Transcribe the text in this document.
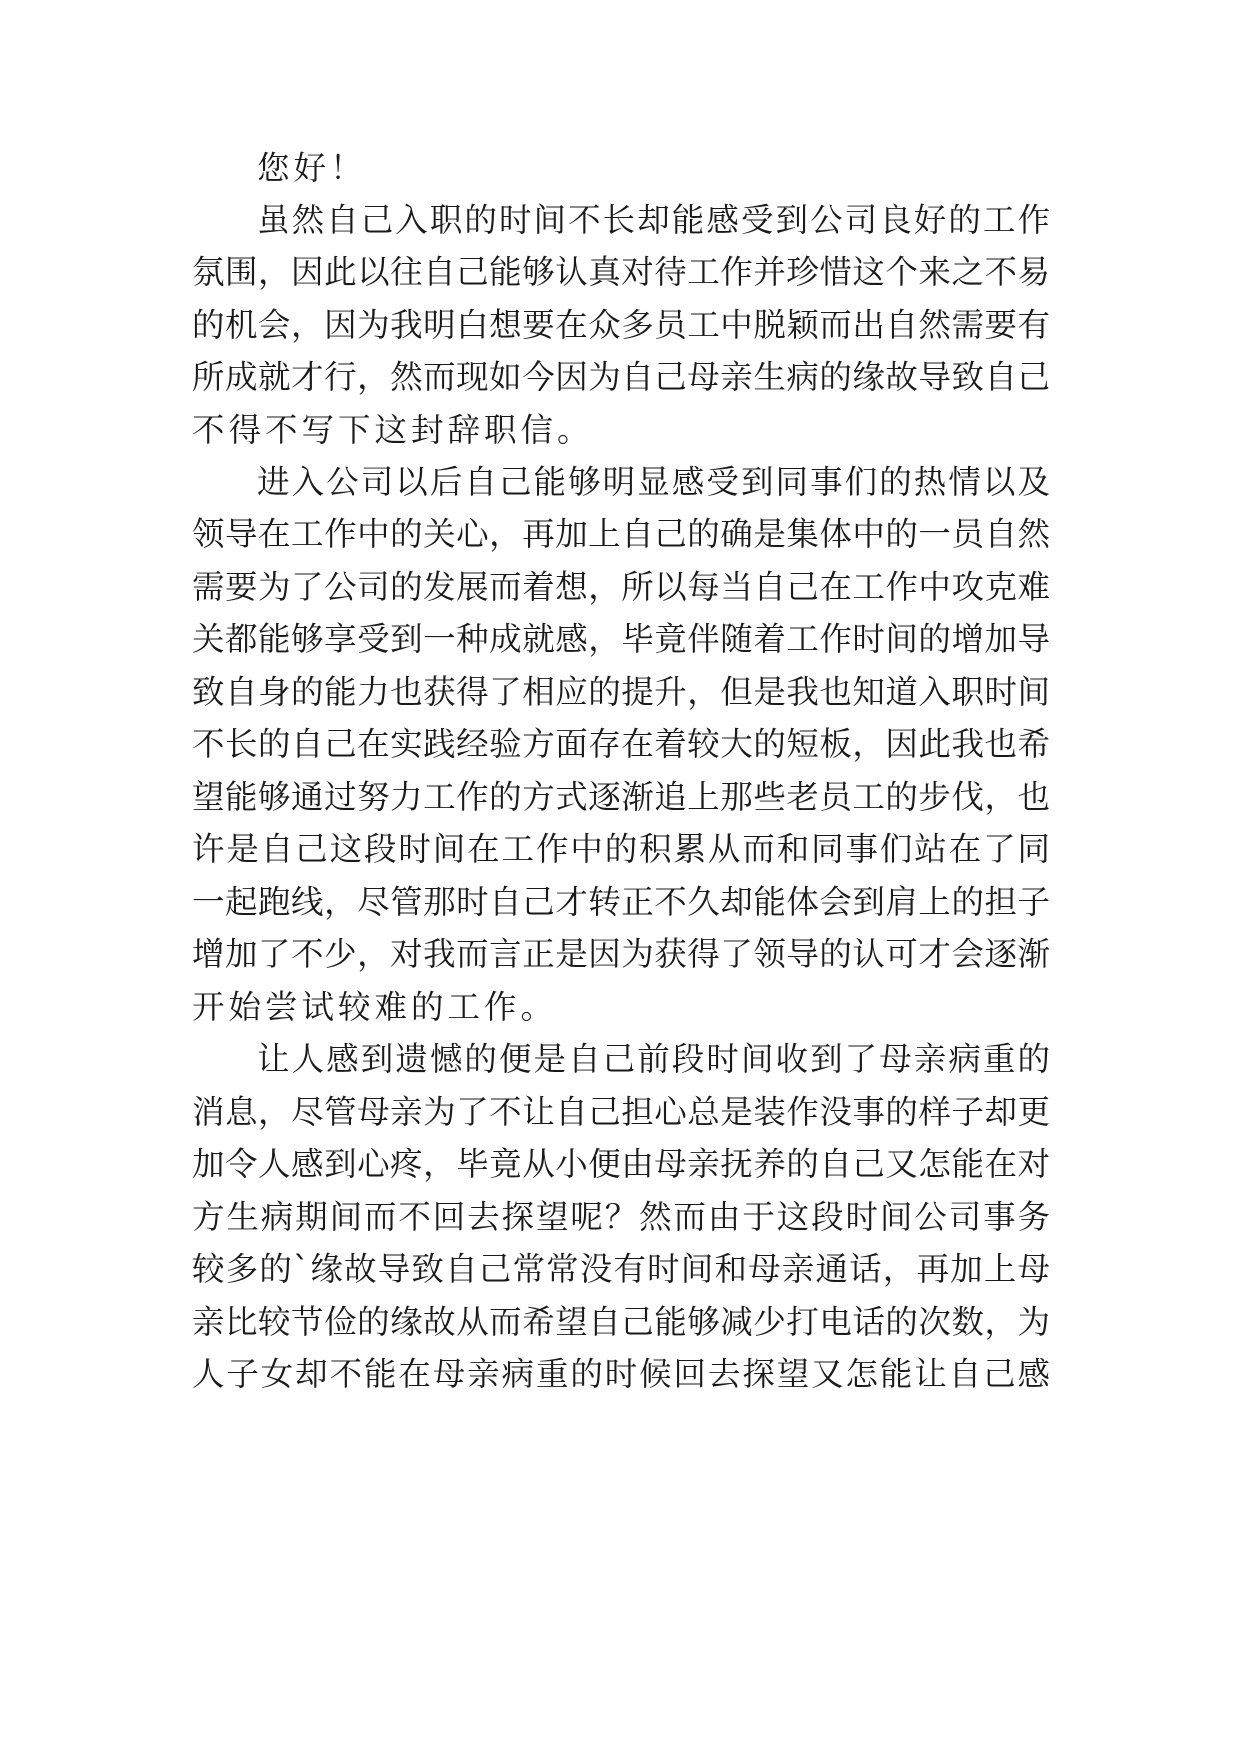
您好！
虽然自己入职的时间不长却能感受到公司良好的工作
氛围，因此以往自己能够认真对待工作并珍惜这个来之不易
的机会，因为我明白想要在众多员工中脱颖而出自然需要有
所成就才行，然而现如今因为自己母亲生病的缘故导致自己
不得不写下这封辞职信。
进入公司以后自己能够明显感受到同事们的热情以及
领导在工作中的关心，再加上自己的确是集体中的一员自然
需要为了公司的发展而着想，所以每当自己在工作中攻克难
关都能够享受到一种成就感，毕竟伴随着工作时间的增加导
致自身的能力也获得了相应的提升，但是我也知道入职时间
不长的自己在实践经验方面存在着较大的短板，因此我也希
望能够通过努力工作的方式逐渐追上那些老员工的步伐，也
许是自己这段时间在工作中的积累从而和同事们站在了同
一起跑线，尽管那时自己才转正不久却能体会到肩上的担子
增加了不少，对我而言正是因为获得了领导的认可才会逐渐
开始尝试较难的工作。
让人感到遗憾的便是自己前段时间收到了母亲病重的
消息，尽管母亲为了不让自己担心总是装作没事的样子却更
加令人感到心疼，毕竟从小便由母亲抚养的自己又怎能在对
方生病期间而不回去探望呢？然而由于这段时间公司事务
较多的`缘故导致自己常常没有时间和母亲通话，再加上母
亲比较节俭的缘故从而希望自己能够减少打电话的次数，为
人子女却不能在母亲病重的时候回去探望又怎能让自己感
